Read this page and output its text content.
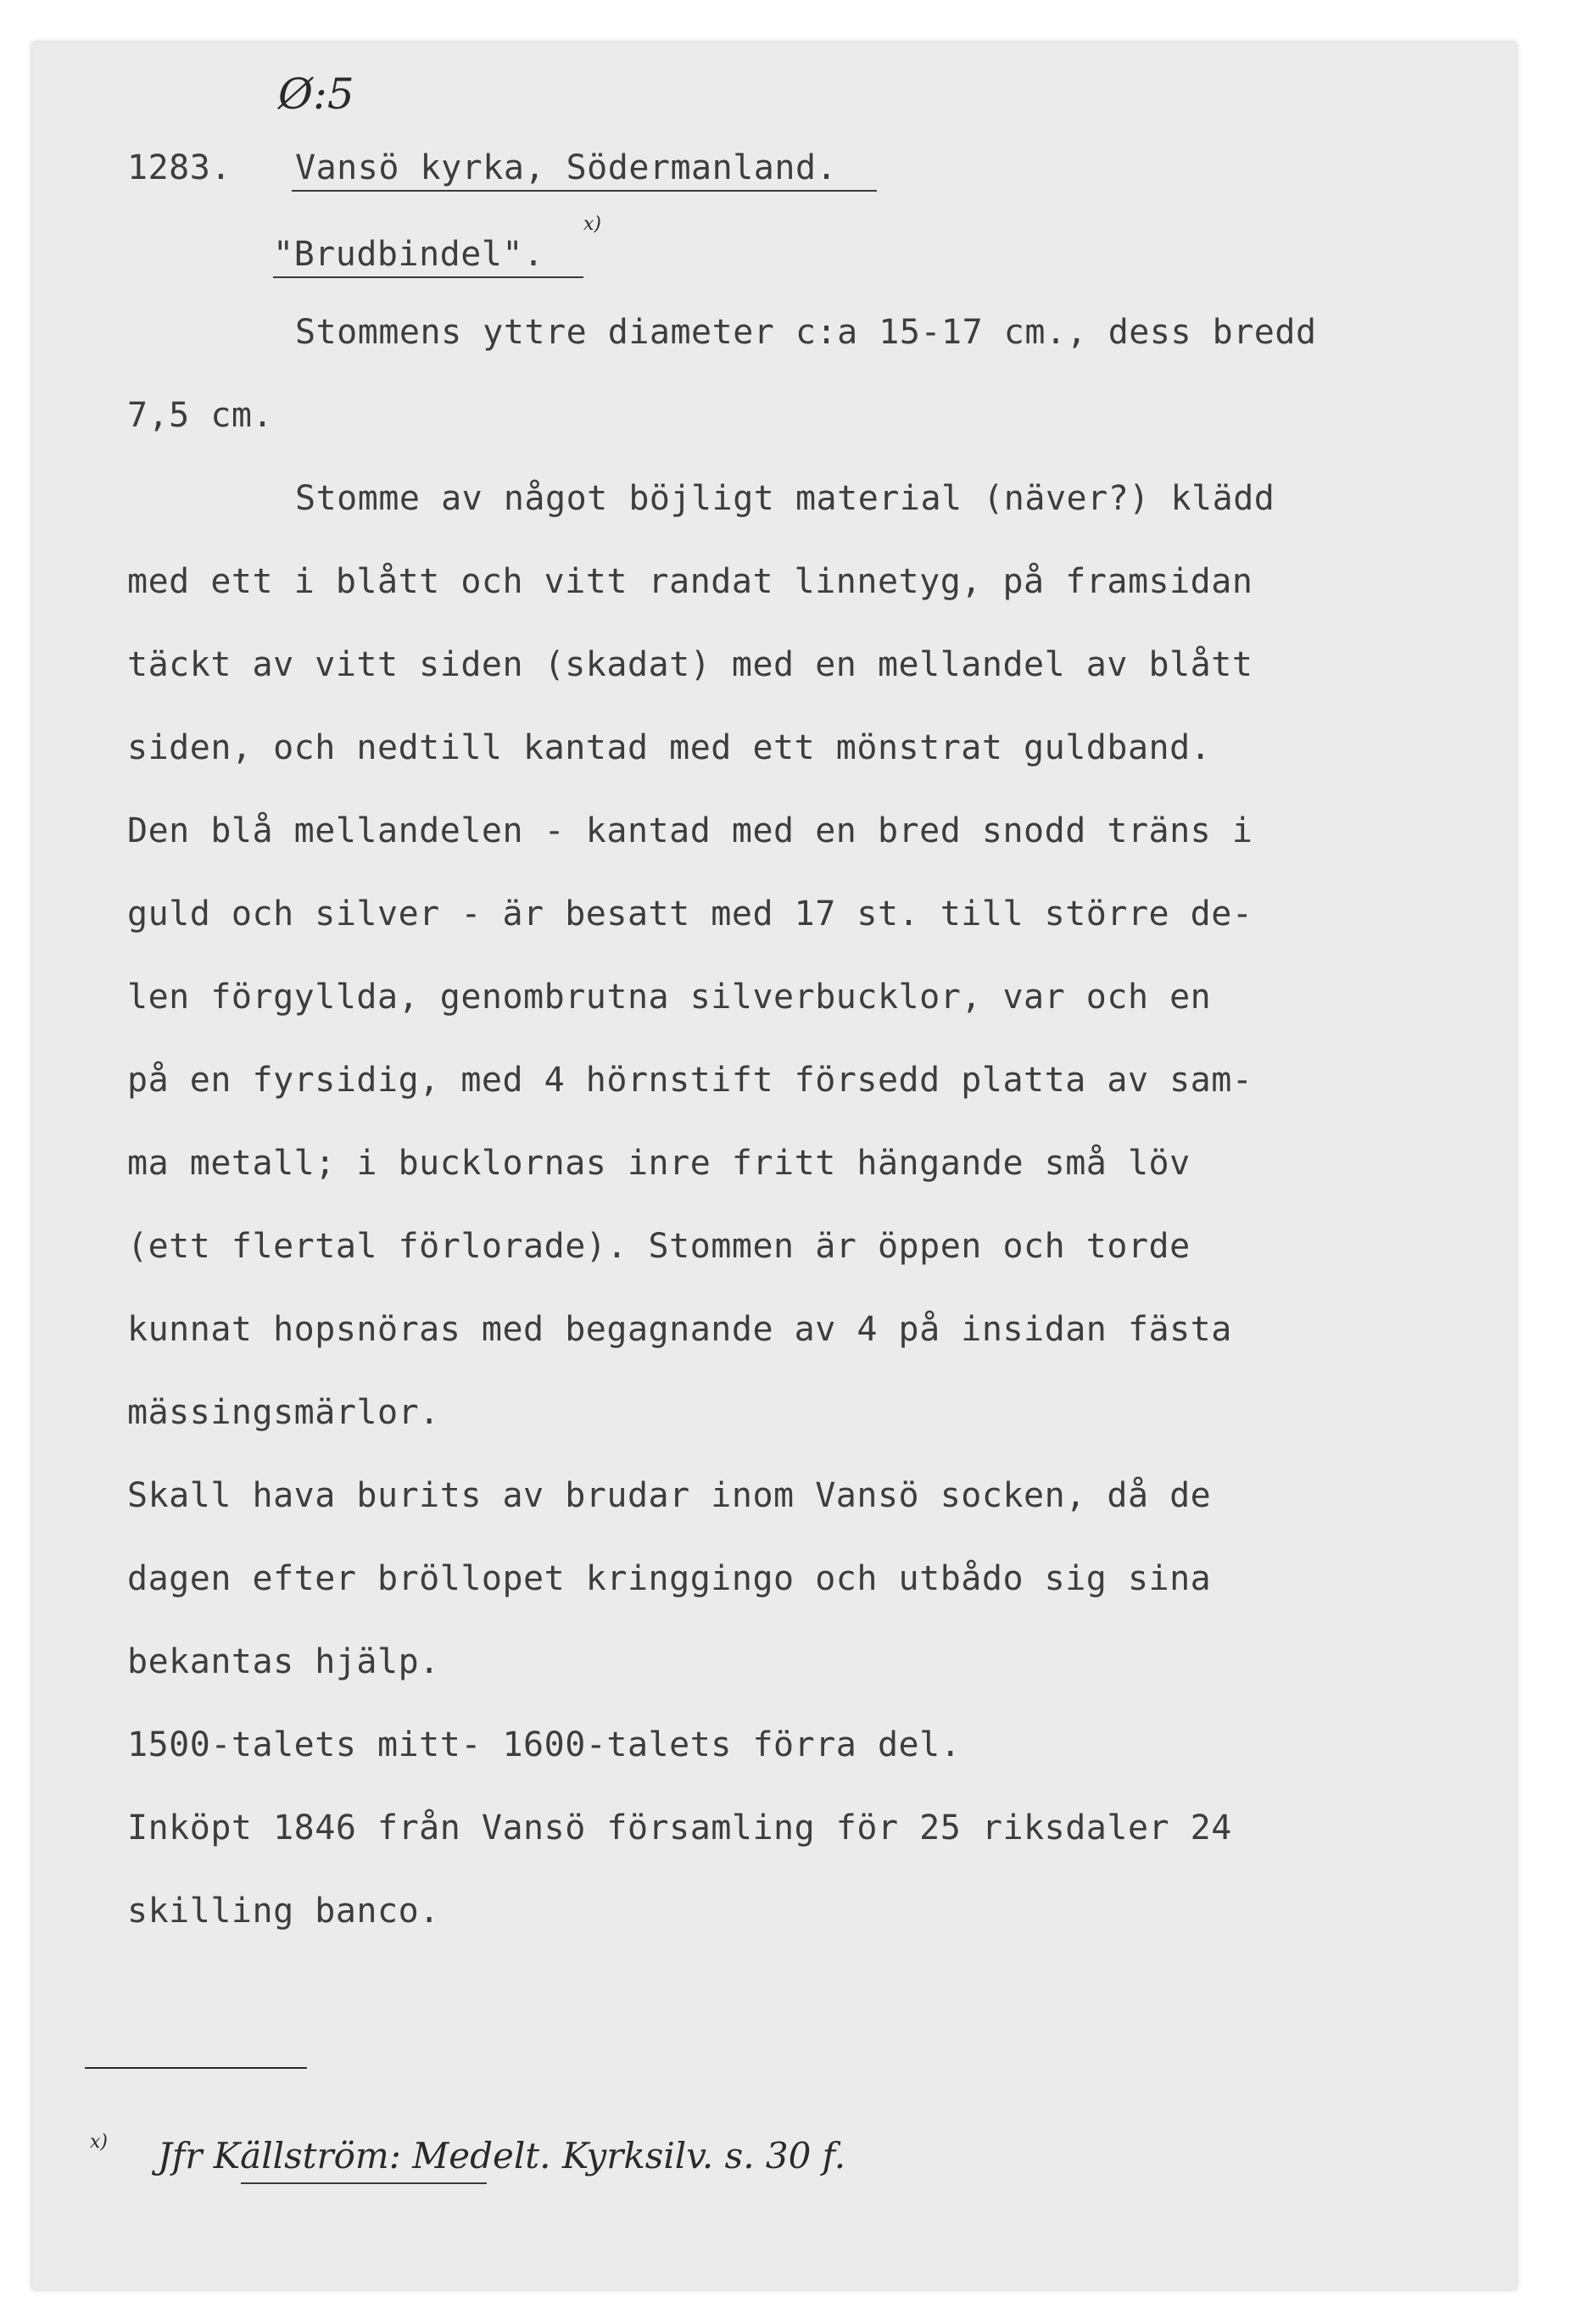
Ø:5
1283. Vansö kyrka, Södermanland.
"Brudbindel".
x)
Stommens yttre diameter c:a 15-17 cm., dess bredd
7,5 cm.
Stomme av något böjligt material (näver?) klädd
med ett i blått och vitt randat linnetyg, på framsidan
täckt av vitt siden (skadat) med en mellandel av blått
siden, och nedtill kantad med ett mönstrat guldband.
Den blå mellandelen - kantad med en bred snodd träns i
guld och silver - är besatt med 17 st. till större de-
len förgyllda, genombrutna silverbucklor, var och en
på en fyrsidig, med 4 hörnstift försedd platta av sam-
ma metall; i bucklornas inre fritt hängande små löv
(ett flertal förlorade). Stommen är öppen och torde
kunnat hopsnöras med begagnande av 4 på insidan fästa
mässingsmärlor.
Skall hava burits av brudar inom Vansö socken, då de
dagen efter bröllopet kringgingo och utbådo sig sina
bekantas hjälp.
1500-talets mitt- 1600-talets förra del.
Inköpt 1846 från Vansö församling för 25 riksdaler 24
skilling banco.
x) Jfr Källström: Medelt. Kyrksilv. s. 30 f.
